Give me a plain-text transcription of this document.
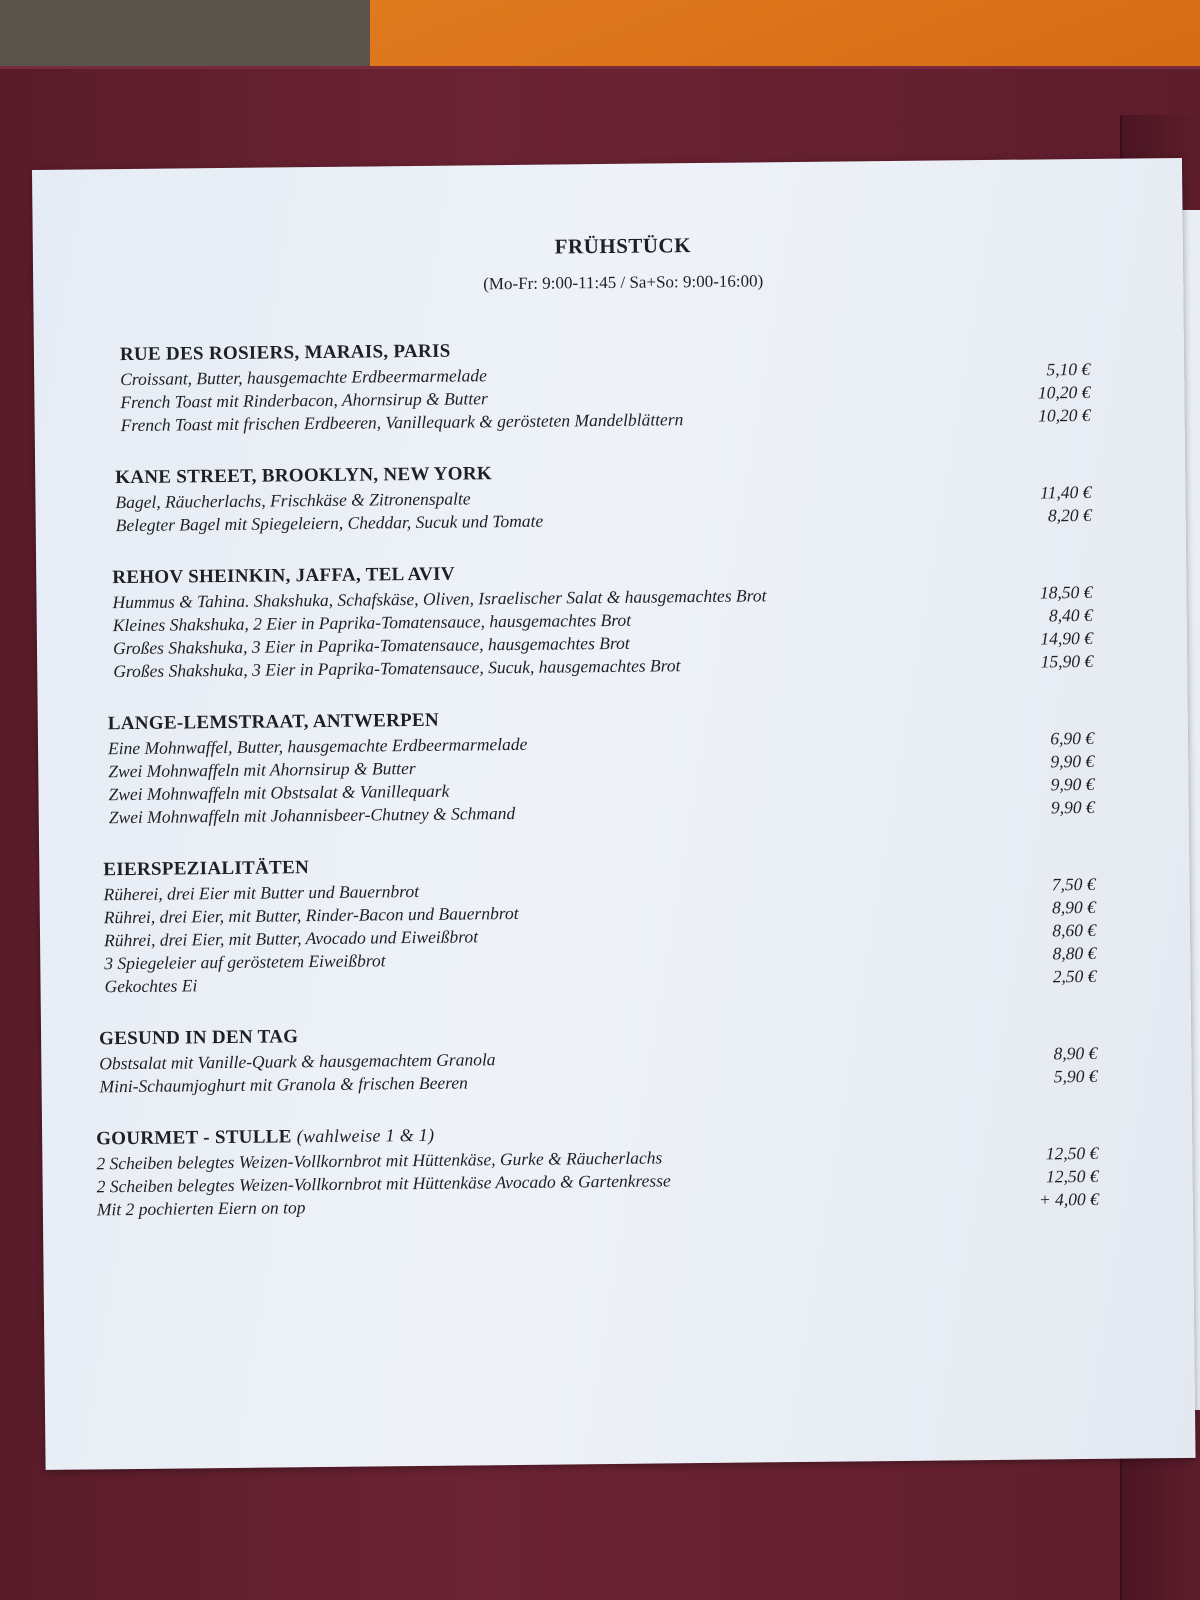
FRÜHSTÜCK
(Mo-Fr: 9:00-11:45 / Sa+So: 9:00-16:00)
RUE DES ROSIERS, MARAIS, PARIS
Croissant, Butter, hausgemachte Erdbeermarmelade	5,10 €
French Toast mit Rinderbacon, Ahornsirup & Butter	10,20 €
French Toast mit frischen Erdbeeren, Vanillequark & gerösteten Mandelblättern	10,20 €
KANE STREET, BROOKLYN, NEW YORK
Bagel, Räucherlachs, Frischkäse & Zitronenspalte	11,40 €
Belegter Bagel mit Spiegeleiern, Cheddar, Sucuk und Tomate	8,20 €
REHOV SHEINKIN, JAFFA, TEL AVIV
Hummus & Tahina. Shakshuka, Schafskäse, Oliven, Israelischer Salat & hausgemachtes Brot	18,50 €
Kleines Shakshuka, 2 Eier in Paprika-Tomatensauce, hausgemachtes Brot	8,40 €
Großes Shakshuka, 3 Eier in Paprika-Tomatensauce, hausgemachtes Brot	14,90 €
Großes Shakshuka, 3 Eier in Paprika-Tomatensauce, Sucuk, hausgemachtes Brot	15,90 €
LANGE-LEMSTRAAT, ANTWERPEN
Eine Mohnwaffel, Butter, hausgemachte Erdbeermarmelade	6,90 €
Zwei Mohnwaffeln mit Ahornsirup & Butter	9,90 €
Zwei Mohnwaffeln mit Obstsalat & Vanillequark	9,90 €
Zwei Mohnwaffeln mit Johannisbeer-Chutney & Schmand	9,90 €
EIERSPEZIALITÄTEN
Rüherei, drei Eier mit Butter und Bauernbrot	7,50 €
Rührei, drei Eier, mit Butter, Rinder-Bacon und Bauernbrot	8,90 €
Rührei, drei Eier, mit Butter, Avocado und Eiweißbrot	8,60 €
3 Spiegeleier auf geröstetem Eiweißbrot	8,80 €
Gekochtes Ei	2,50 €
GESUND IN DEN TAG
Obstsalat mit Vanille-Quark & hausgemachtem Granola	8,90 €
Mini-Schaumjoghurt mit Granola & frischen Beeren	5,90 €
GOURMET - STULLE (wahlweise 1 & 1)
2 Scheiben belegtes Weizen-Vollkornbrot mit Hüttenkäse, Gurke & Räucherlachs	12,50 €
2 Scheiben belegtes Weizen-Vollkornbrot mit Hüttenkäse Avocado & Gartenkresse	12,50 €
Mit 2 pochierten Eiern on top	+ 4,00 €
